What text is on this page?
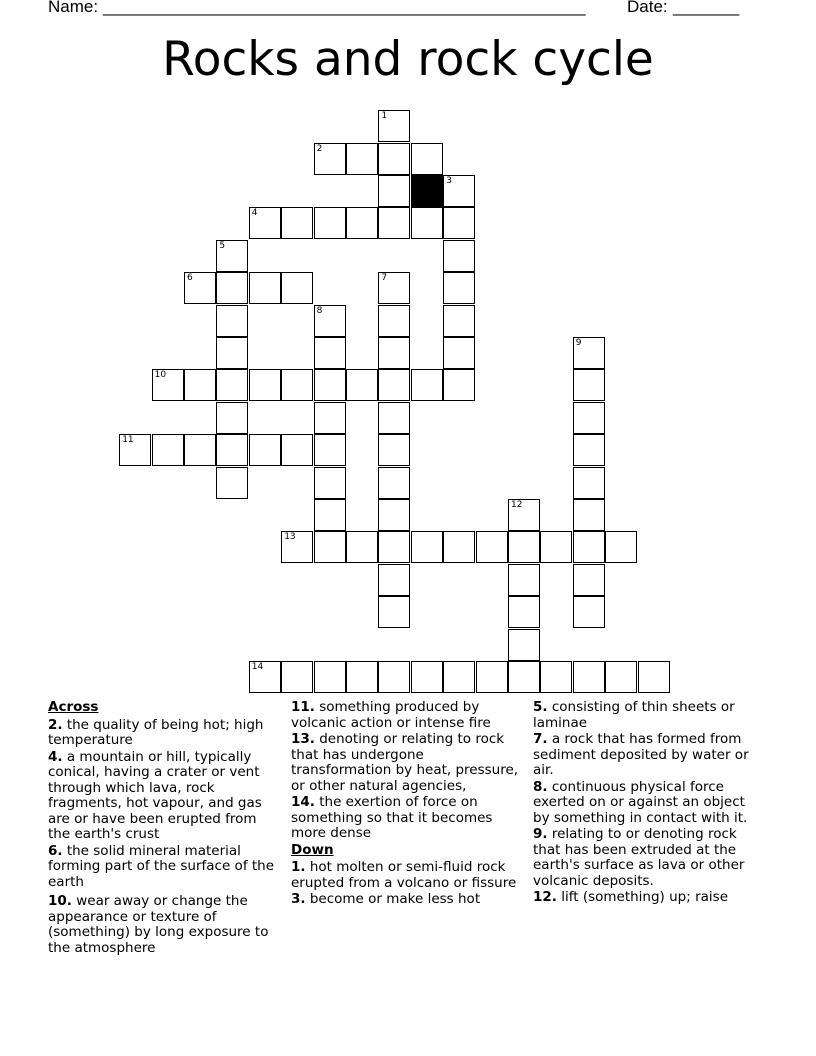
Name: __________________________________________________ Date: _______
Rocks and rock cycle
1
2
3
4
5
6	7
8
9
10
11
12
13
14
Across
2. the quality of being hot; high temperature
4. a mountain or hill, typically conical, having a crater or vent through which lava, rock fragments, hot vapour, and gas are or have been erupted from the earth's crust
6. the solid mineral material forming part of the surface of the earth
10. wear away or change the appearance or texture of (something) by long exposure to the atmosphere
11. something produced by volcanic action or intense fire
13. denoting or relating to rock that has undergone transformation by heat, pressure, or other natural agencies,
14. the exertion of force on something so that it becomes more dense
Down
1. hot molten or semi-fluid rock erupted from a volcano or fissure
3. become or make less hot
5. consisting of thin sheets or laminae
7. a rock that has formed from sediment deposited by water or air.
8. continuous physical force exerted on or against an object by something in contact with it.
9. relating to or denoting rock that has been extruded at the earth's surface as lava or other volcanic deposits.
12. lift (something) up; raise
